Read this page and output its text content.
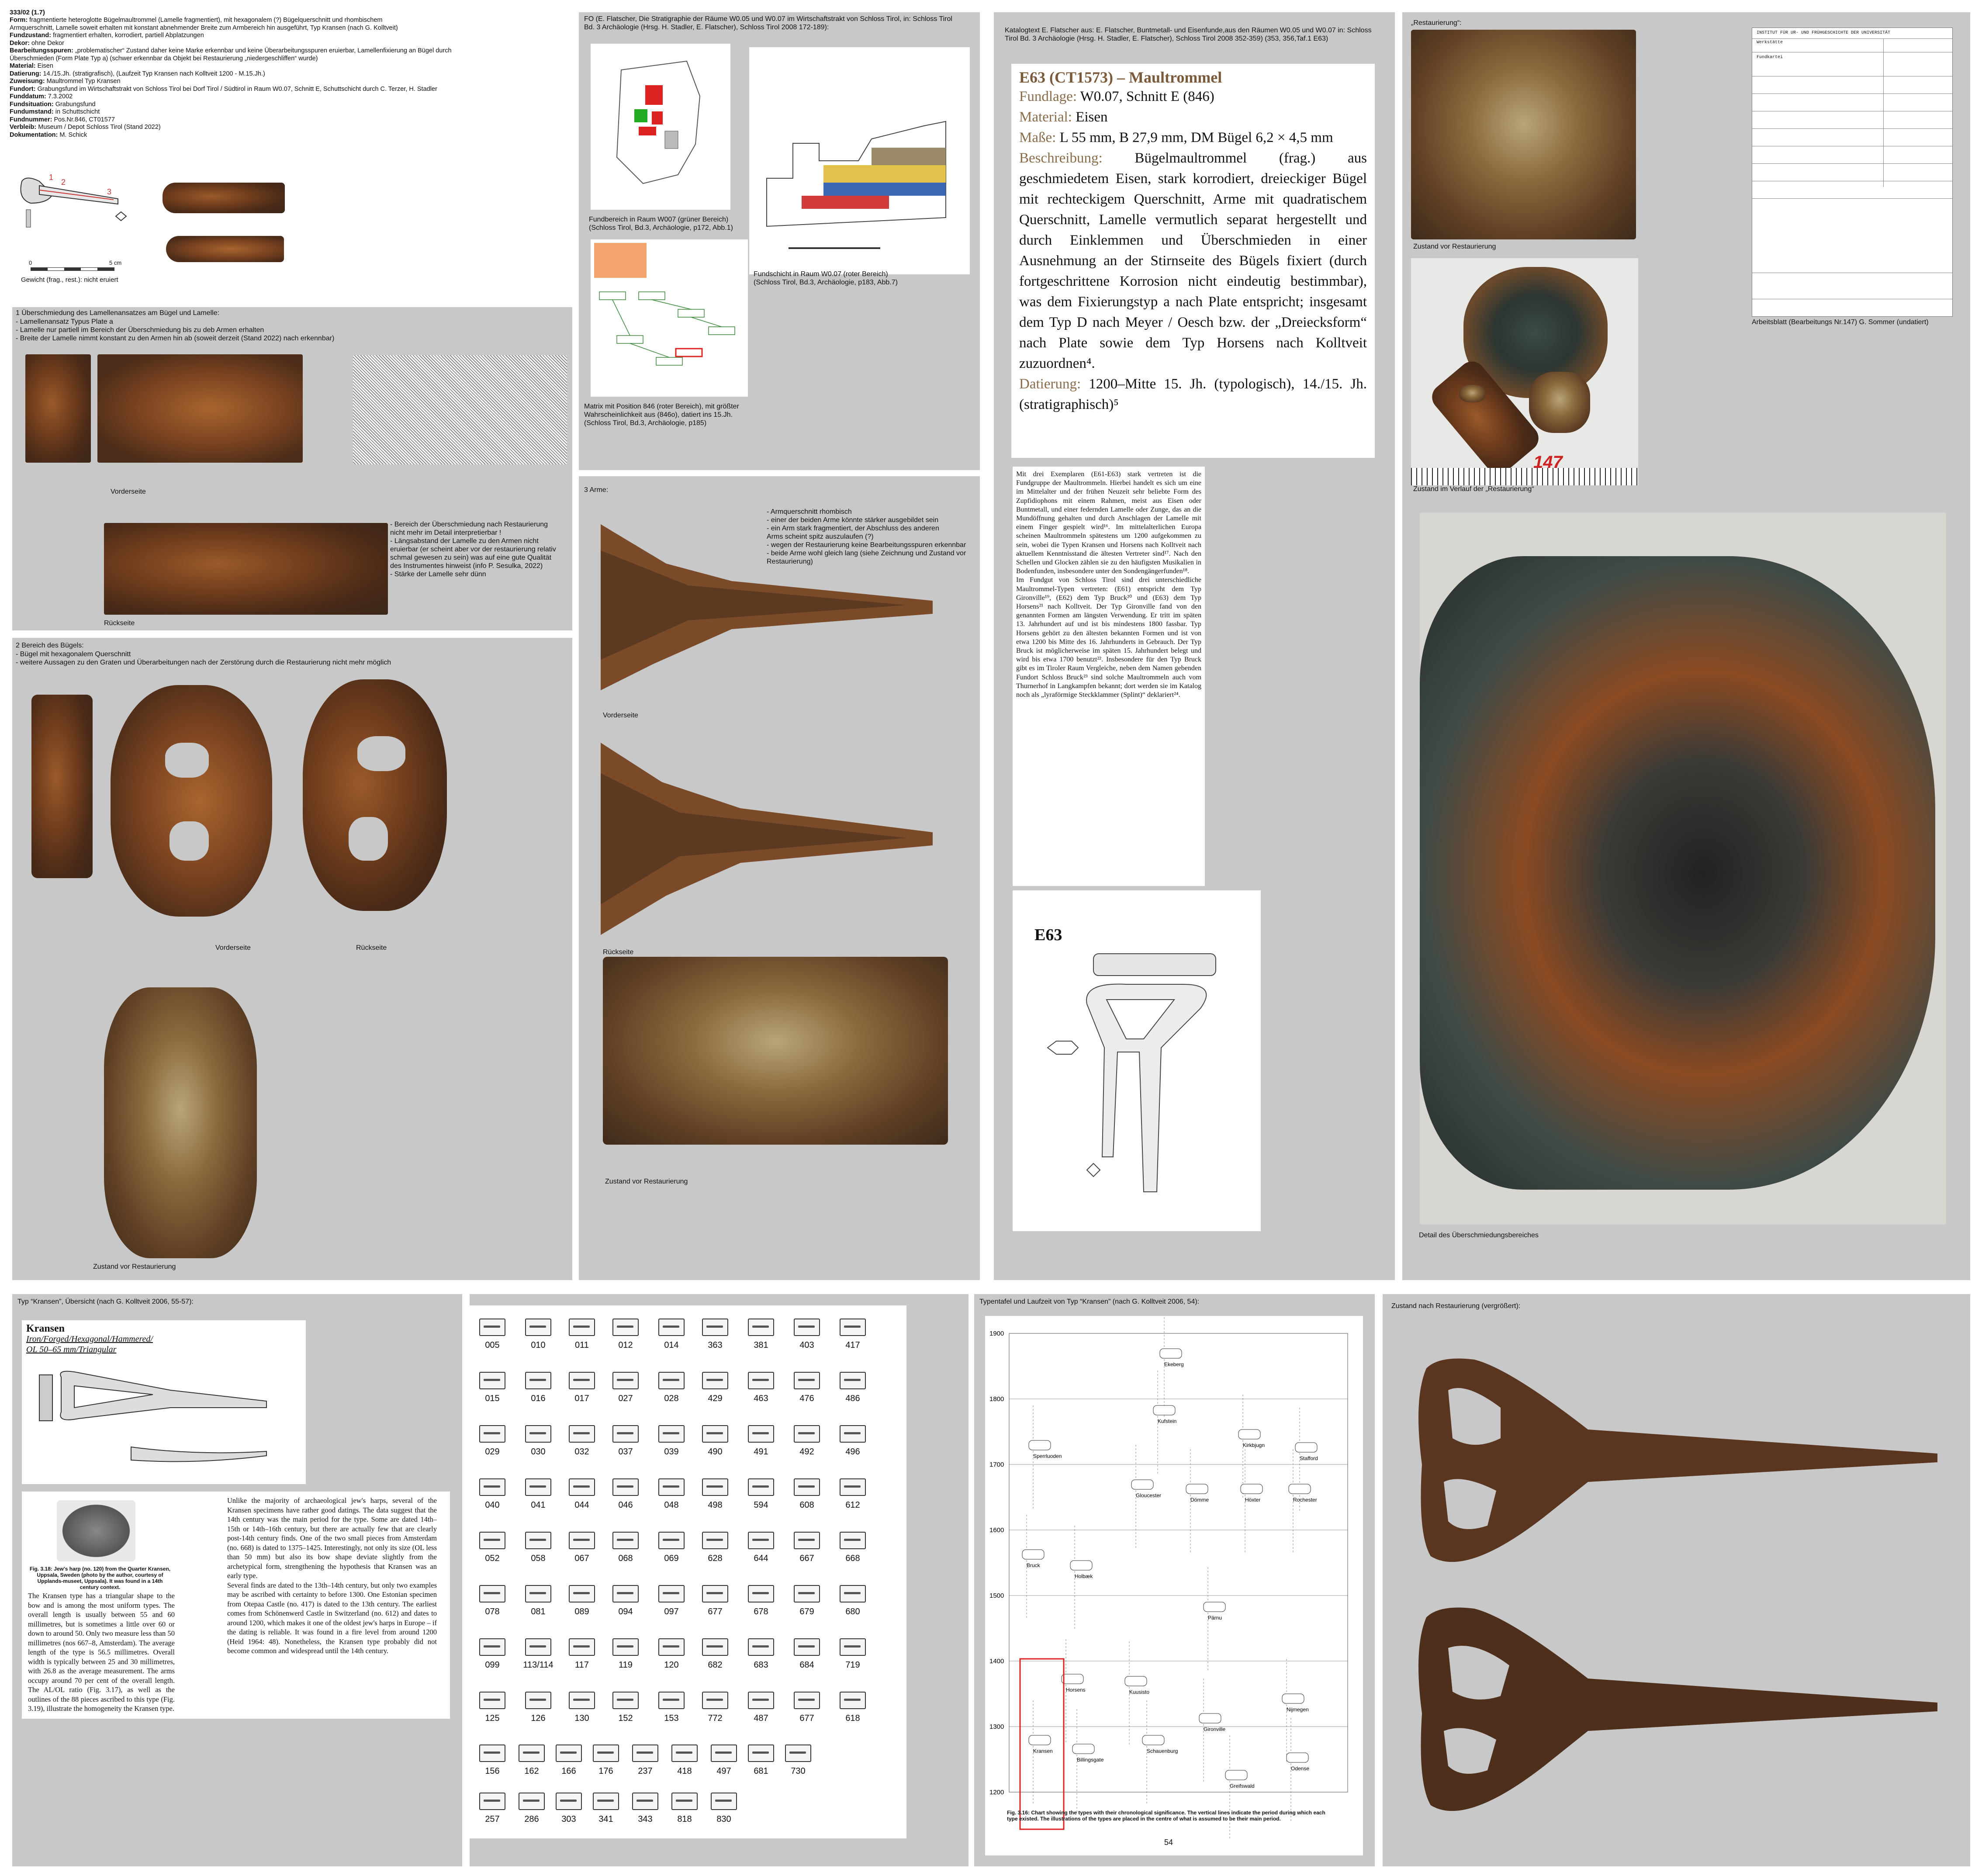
333/02 (1.7)
Form: fragmentierte heteroglotte Bügelmaultrommel (Lamelle fragmentiert), mit hexagonalem (?) Bügelquerschnitt und rhombischem
Armquerschnitt, Lamelle soweit erhalten mit konstant abnehmender Breite zum Armbereich hin ausgeführt, Typ Kransen (nach G. Kolltveit)
Fundzustand: fragmentiert erhalten, korrodiert, partiell Abplatzungen
Dekor: ohne Dekor
Bearbeitungsspuren: „problematischer“ Zustand daher keine Marke erkennbar und keine Überarbeitungsspuren eruierbar, Lamellenfixierung an Bügel durch
Überschmieden (Form Plate Typ a) (schwer erkennbar da Objekt bei Restaurierung „niedergeschliffen“ wurde)
Material: Eisen
Datierung: 14./15.Jh. (stratigrafisch), (Laufzeit Typ Kransen nach Kolltveit 1200 - M.15.Jh.)
Zuweisung: Maultrommel Typ Kransen
Fundort: Grabungsfund im Wirtschaftstrakt von Schloss Tirol bei Dorf Tirol / Südtirol in Raum W0.07, Schnitt E, Schuttschicht durch C. Terzer, H. Stadler
Funddatum: 7.3.2002
Fundsituation: Grabungsfund
Fundumstand: in Schuttschicht
Fundnummer: Pos.Nr.846, CT01577
Verbleib: Museum / Depot Schloss Tirol (Stand 2022)
Dokumentation: M. Schick
1
2
3
0	5 cm
Gewicht (frag., rest.): nicht eruiert
1 Überschmiedung des Lamellenansatzes am Bügel und Lamelle:
- Lamellenansatz Typus Plate a
- Lamelle nur partiell im Bereich der Überschmiedung bis zu deb Armen erhalten
- Breite der Lamelle nimmt konstant zu den Armen hin ab (soweit derzeit (Stand 2022) nach erkennbar)
Vorderseite
- Bereich der Überschmiedung nach Restaurierung
nicht mehr im Detail interpretierbar !
- Längsabstand der Lamelle zu den Armen nicht
eruierbar (er scheint aber vor der restaurierung relativ
schmal gewesen zu sein) was auf eine gute Qualität
des Instrumentes hinweist (info P. Sesulka, 2022)
- Stärke der Lamelle sehr dünn
Rückseite
2 Bereich des Bügels:
- Bügel mit hexagonalem Querschnitt
- weitere Aussagen zu den Graten und Überarbeitungen nach der Zerstörung durch die Restaurierung nicht mehr möglich
Vorderseite	Rückseite
Zustand vor Restaurierung
FO (E. Flatscher, Die Stratigraphie der Räume W0.05 und W0.07 im Wirtschaftstrakt von Schloss Tirol, in: Schloss Tirol
Bd. 3 Archäologie (Hrsg. H. Stadler, E. Flatscher), Schloss Tirol 2008 172-189):
Fundbereich in Raum W007 (grüner Bereich)
(Schloss Tirol, Bd.3, Archäologie, p172, Abb.1)
Fundschicht in Raum W0.07 (roter Bereich)
(Schloss Tirol, Bd.3, Archäologie, p183, Abb.7)
Matrix mit Position 846 (roter Bereich), mit größter
Wahrscheinlichkeit aus (846o), datiert ins 15.Jh.
(Schloss Tirol, Bd.3, Archäologie, p185)
3 Arme:
- Armquerschnitt rhombisch
- einer der beiden Arme könnte stärker ausgebildet sein
- ein Arm stark fragmentiert, der Abschluss des anderen
Arms scheint spitz auszulaufen (?)
- wegen der Restaurierung keine Bearbeitungsspuren erkennbar
- beide Arme wohl gleich lang (siehe Zeichnung und Zustand vor
Restaurierung)
Vorderseite
Rückseite
Zustand vor Restaurierung
Katalogtext E. Flatscher aus: E. Flatscher, Buntmetall- und Eisenfunde,aus den Räumen W0.05 und W0.07 in: Schloss
Tirol Bd. 3 Archäologie (Hrsg. H. Stadler, E. Flatscher), Schloss Tirol 2008 352-359) (353, 356,Taf.1 E63)
E63 (CT1573) – Maultrommel
Fundlage: W0.07, Schnitt E (846)
Material: Eisen
Maße: L 55 mm, B 27,9 mm, DM Bügel 6,2 × 4,5 mm
Beschreibung: Bügelmaultrommel (frag.) aus geschmiedetem Eisen, stark korrodiert, dreieckiger Bügel mit rechteckigem Querschnitt, Arme mit quadratischem Querschnitt, Lamelle vermutlich separat hergestellt und durch Einklemmen und Überschmieden in einer Ausnehmung an der Stirnseite des Bügels fixiert (durch fortgeschrittene Korrosion nicht eindeutig bestimmbar), was dem Fixierungstyp a nach Plate entspricht; insgesamt dem Typ D nach Meyer / Oesch bzw. der „Dreiecksform“ nach Plate sowie dem Typ Horsens nach Kolltveit zuzuordnen⁴.
Datierung: 1200–Mitte 15. Jh. (typologisch), 14./15. Jh. (stratigraphisch)⁵
Mit drei Exemplaren (E61-E63) stark vertreten ist die Fundgruppe der Maultrommeln. Hierbei handelt es sich um eine im Mittelalter und der frühen Neuzeit sehr beliebte Form des Zupfidiophons mit einem Rahmen, meist aus Eisen oder Buntmetall, und einer federnden Lamelle oder Zunge, das an die Mundöffnung gehalten und durch Anschlagen der Lamelle mit einem Finger gespielt wird¹⁶. Im mittelalterlichen Europa scheinen Maultrommeln spätestens um 1200 aufgekommen zu sein, wobei die Typen Kransen und Horsens nach Kolltveit nach aktuellem Kenntnisstand die ältesten Vertreter sind¹⁷. Nach den Schellen und Glocken zählen sie zu den häufigsten Musikalien in Bodenfunden, insbesondere unter den Sondengängerfunden¹⁸.
Im Fundgut von Schloss Tirol sind drei unterschiedliche Maultrommel-Typen vertreten: (E61) entspricht dem Typ Gironville¹⁹, (E62) dem Typ Bruck²⁰ und (E63) dem Typ Horsens²¹ nach Kolltveit. Der Typ Gironville fand von den genannten Formen am längsten Verwendung. Er tritt im späten 13. Jahrhundert auf und ist bis mindestens 1800 fassbar. Typ Horsens gehört zu den ältesten bekannten Formen und ist von etwa 1200 bis Mitte des 16. Jahrhunderts in Gebrauch. Der Typ Bruck ist möglicherweise im späten 15. Jahrhundert belegt und wird bis etwa 1700 benutzt²². Insbesondere für den Typ Bruck gibt es im Tiroler Raum Vergleiche, neben dem Namen gebenden Fundort Schloss Bruck²³ sind solche Maultrommeln auch vom Thurnerhof in Langkampfen bekannt; dort werden sie im Katalog noch als „lyraförmige Steckklammer (Splint)“ deklariert²⁴.
E63
„Restaurierung“:
Zustand vor Restaurierung
147
Zustand im Verlauf der „Restaurierung“
INSTITUT FÜR UR- UND FRÜHGESCHICHTE DER UNIVERSITÄT
Werkstätte
Fundkartei
Arbeitsblatt (Bearbeitungs Nr.147) G. Sommer (undatiert)
Detail des Überschmiedungsbereiches
Typ “Kransen”, Übersicht (nach G. Kolltveit 2006, 55-57):
Kransen
Iron/Forged/Hexagonal/Hammered/
OL 50–65 mm/Triangular
Fig. 3.18: Jew's harp (no. 120) from the Quarter Kransen, Uppsala, Sweden (photo by the author, courtesy of Upplands-museet, Uppsala). It was found in a 14th century context.
The Kransen type has a triangular shape to the bow and is among the most uniform types. The overall length is usually between 55 and 60 millimetres, but is sometimes a little over 60 or down to around 50. Only two measure less than 50 millimetres (nos 667–8, Amsterdam). The average length of the type is 56.5 millimetres. Overall width is typically between 25 and 30 millimetres, with 26.8 as the average measurement. The arms occupy around 70 per cent of the overall length. The AL/OL ratio (Fig. 3.17), as well as the outlines of the 88 pieces ascribed to this type (Fig. 3.19), illustrate the homogeneity the Kransen type.
Unlike the majority of archaeological jew's harps, several of the Kransen specimens have rather good datings. The data suggest that the 14th century was the main period for the type. Some are dated 14th–15th or 14th–16th century, but there are actually few that are clearly post-14th century finds. One of the two small pieces from Amsterdam (no. 668) is dated to 1375–1425. Interestingly, not only its size (OL less than 50 mm) but also its bow shape deviate slightly from the archetypical form, strengthening the hypothesis that Kransen was an early type.
Several finds are dated to the 13th–14th century, but only two examples may be ascribed with certainty to before 1300. One Estonian specimen from Otepaa Castle (no. 417) is dated to the 13th century. The earliest comes from Schönenwerd Castle in Switzerland (no. 612) and dates to around 1200, which makes it one of the oldest jew's harps in Europe – if the dating is reliable. It was found in a fire level from around 1200 (Heid 1964: 48). Nonetheless, the Kransen type probably did not become common and widespread until the 14th century.
005	010	011	012	014	363	381	403	417
015	016	017	027	028	429	463	476	486
029	030	032	037	039	490	491	492	496
040	041	044	046	048	498	594	608	612
052	058	067	068	069	628	644	667	668
078	081	089	094	097	677	678	679	680
099	113/114	117	119	120	682	683	684	719
125	126	130	152	153	772	487	677	618
156	162	166	176	237	418	497	681	730
257	286	303	341	343	818	830
Typentafel und Laufzeit von Typ “Kransen” (nach G. Kolltveit 2006, 54):
1900
1800
1700
1600
1500
1400
1300
1200
Ekeberg
Kufstein
Kirkbjugn
Stafford
Sperrluoden
Gloucester
Dömme	Höxter	Rochester
Bruck
Holbæk
Pärnu
Horsens	Kuusisto
Nijmegen
Kransen
Billingsgate
Schauenburg
Gironville
Odense
Greifswald
Fig. 3.16: Chart showing the types with their chronological significance. The vertical lines indicate the period during which each type existed. The illustrations of the types are placed in the centre of what is assumed to be their main period.
54
Zustand nach Restaurierung (vergrößert):
